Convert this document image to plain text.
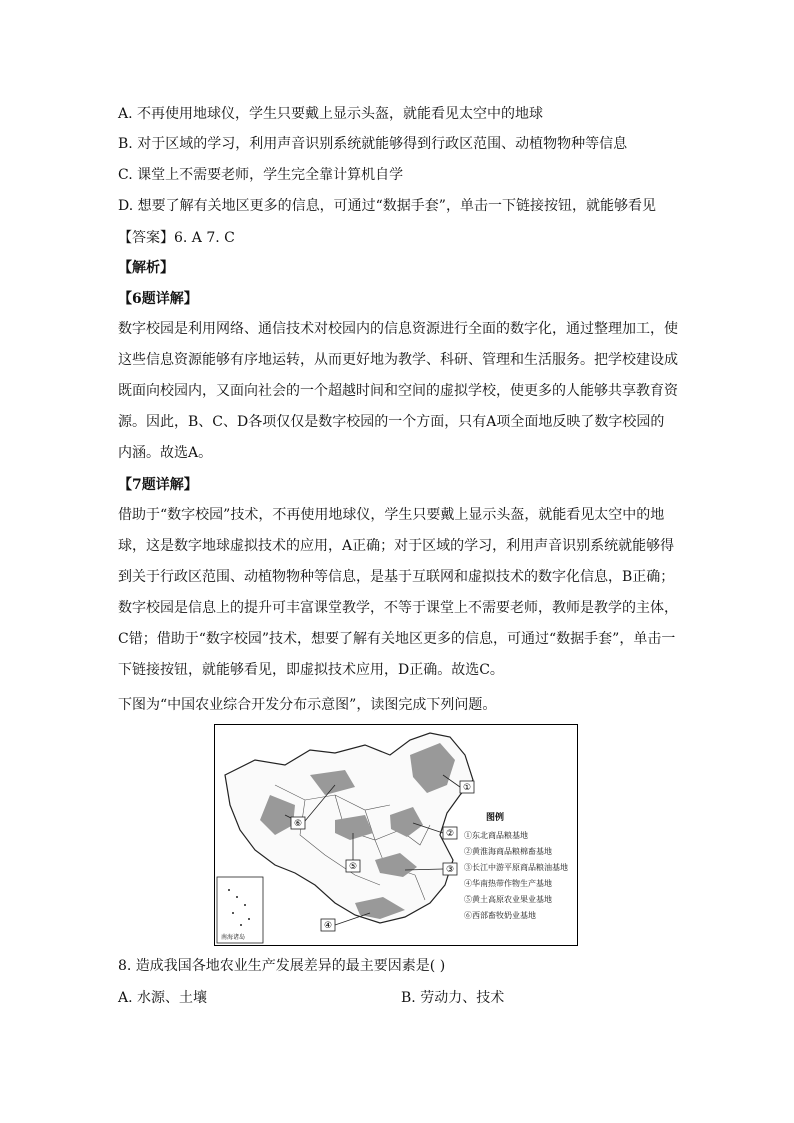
A. 不再使用地球仪，学生只要戴上显示头盔，就能看见太空中的地球
B. 对于区域的学习，利用声音识别系统就能够得到行政区范围、动植物物种等信息
C. 课堂上不需要老师，学生完全靠计算机自学
D. 想要了解有关地区更多的信息，可通过“数据手套”，单击一下链接按钮，就能够看见
【答案】6. A 7. C
【解析】
【6题详解】
数字校园是利用网络、通信技术对校园内的信息资源进行全面的数字化，通过整理加工，使这些信息资源能够有序地运转，从而更好地为教学、科研、管理和生活服务。把学校建设成既面向校园内，又面向社会的一个超越时间和空间的虚拟学校，使更多的人能够共享教育资源。因此，B、C、D各项仅仅是数字校园的一个方面，只有A项全面地反映了数字校园的内涵。故选A。
【7题详解】
借助于“数字校园”技术，不再使用地球仪，学生只要戴上显示头盔，就能看见太空中的地球，这是数字地球虚拟技术的应用，A正确；对于区域的学习，利用声音识别系统就能够得到关于行政区范围、动植物物种等信息，是基于互联网和虚拟技术的数字化信息，B正确；数字校园是信息上的提升可丰富课堂教学，不等于课堂上不需要老师，教师是教学的主体，C错；借助于“数字校园”技术，想要了解有关地区更多的信息，可通过“数据手套”，单击一下链接按钮，就能够看见，即虚拟技术应用，D正确。故选C。
下图为“中国农业综合开发分布示意图”，读图完成下列问题。
①
②
③
④
⑤
⑥
图例
①东北商品粮基地
②黄淮海商品粮棉畜基地
③长江中游平原商品粮油基地
④华南热带作物生产基地
⑤黄土高原农业果业基地
⑥西部畜牧奶业基地
南海诸岛
8. 造成我国各地农业生产发展差异的最主要因素是( )
A. 水源、土壤	B. 劳动力、技术
